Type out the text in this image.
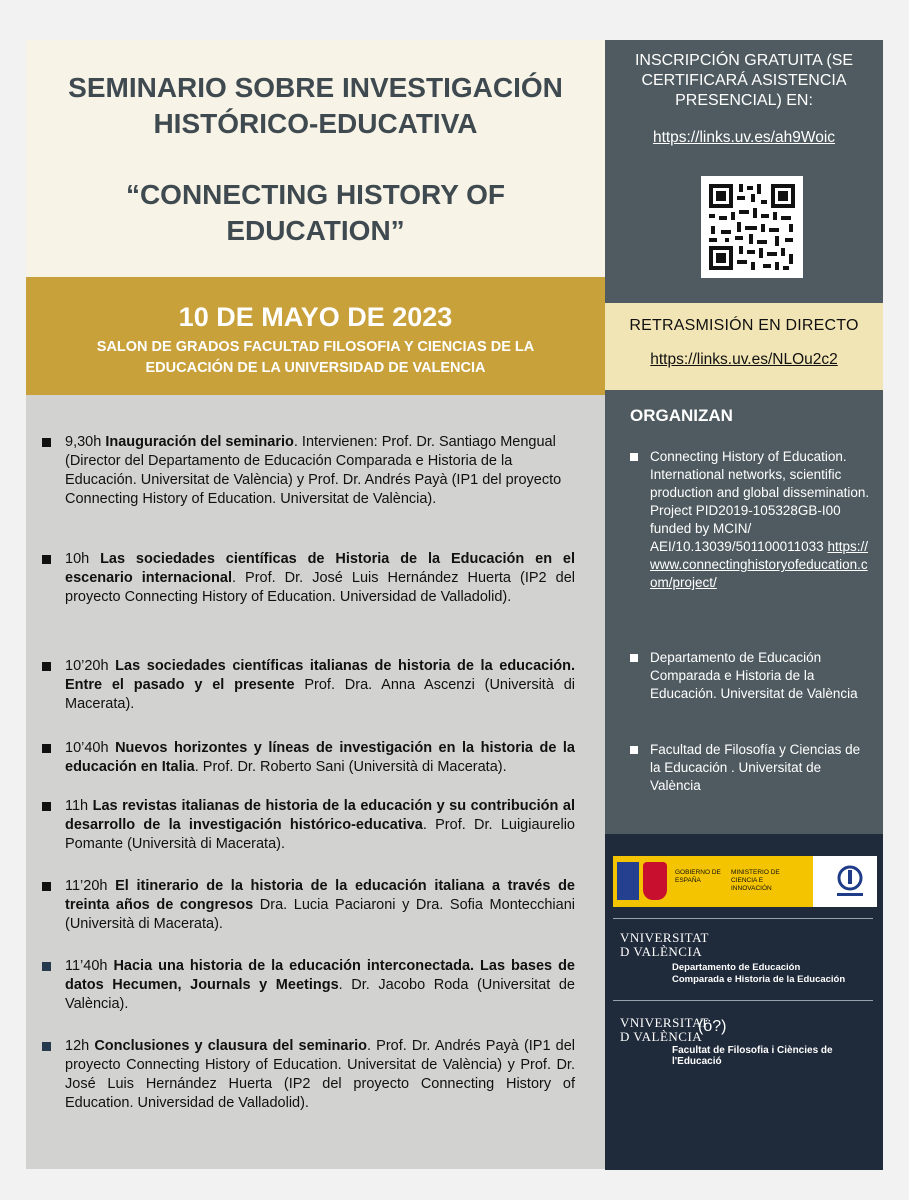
SEMINARIO SOBRE INVESTIGACIÓN
HISTÓRICO-EDUCATIVA
“CONNECTING HISTORY OF
EDUCATION”
10 DE MAYO DE 2023
SALON DE GRADOS FACULTAD FILOSOFIA Y CIENCIAS DE LA
EDUCACIÓN DE LA UNIVERSIDAD DE VALENCIA
9,30h Inauguración del seminario. Intervienen: Prof. Dr. Santiago Mengual (Director del Departamento de Educación Comparada e Historia de la Educación. Universitat de València) y Prof. Dr. Andrés Payà (IP1 del proyecto Connecting History of Education. Universitat de València).
10h Las sociedades científicas de Historia de la Educación en el escenario internacional. Prof. Dr. José Luis Hernández Huerta (IP2 del proyecto Connecting History of Education. Universidad de Valladolid).
10’20h Las sociedades científicas italianas de historia de la educación. Entre el pasado y el presente Prof. Dra. Anna Ascenzi (Università di Macerata).
10’40h Nuevos horizontes y líneas de investigación en la historia de la educación en Italia. Prof. Dr. Roberto Sani (Università di Macerata).
11h Las revistas italianas de historia de la educación y su contribución al desarrollo de la investigación histórico-educativa. Prof. Dr. Luigiaurelio Pomante (Università di Macerata).
11’20h El itinerario de la historia de la educación italiana a través de treinta años de congresos Dra. Lucia Paciaroni y Dra. Sofia Montecchiani (Università di Macerata).
11’40h Hacia una historia de la educación interconectada. Las bases de datos Hecumen, Journals y Meetings. Dr. Jacobo Roda (Universitat de València).
12h Conclusiones y clausura del seminario. Prof. Dr. Andrés Payà (IP1 del proyecto Connecting History of Education. Universitat de València) y Prof. Dr. José Luis Hernández Huerta (IP2 del proyecto Connecting History of Education. Universidad de Valladolid).
INSCRIPCIÓN GRATUITA (SE
CERTIFICARÁ ASISTENCIA
PRESENCIAL) EN:
https://links.uv.es/ah9Woic
RETRASMISIÓN EN DIRECTO
https://links.uv.es/NLOu2c2
ORGANIZAN
Connecting History of Education. International networks, scientific production and global dissemination. Project PID2019-105328GB-I00 funded by MCIN/ AEI/10.13039/501100011033 https:// www.connectinghistoryofeducation.com/project/
Departamento de Educación Comparada e Historia de la Educación. Universitat de València
Facultad de Filosofía y Ciencias de la Educación . Universitat de València
GOBIERNO DE ESPAÑA
MINISTERIO DE CIENCIA E INNOVACIÓN
VNIVERSITAT
D VALÈNCIA
Departamento de Educación
Comparada e Historia de la Educación
VNIVERSITAT
D VALÈNCIA
(ö?)
Facultat de Filosofia i Ciències de l'Educació
